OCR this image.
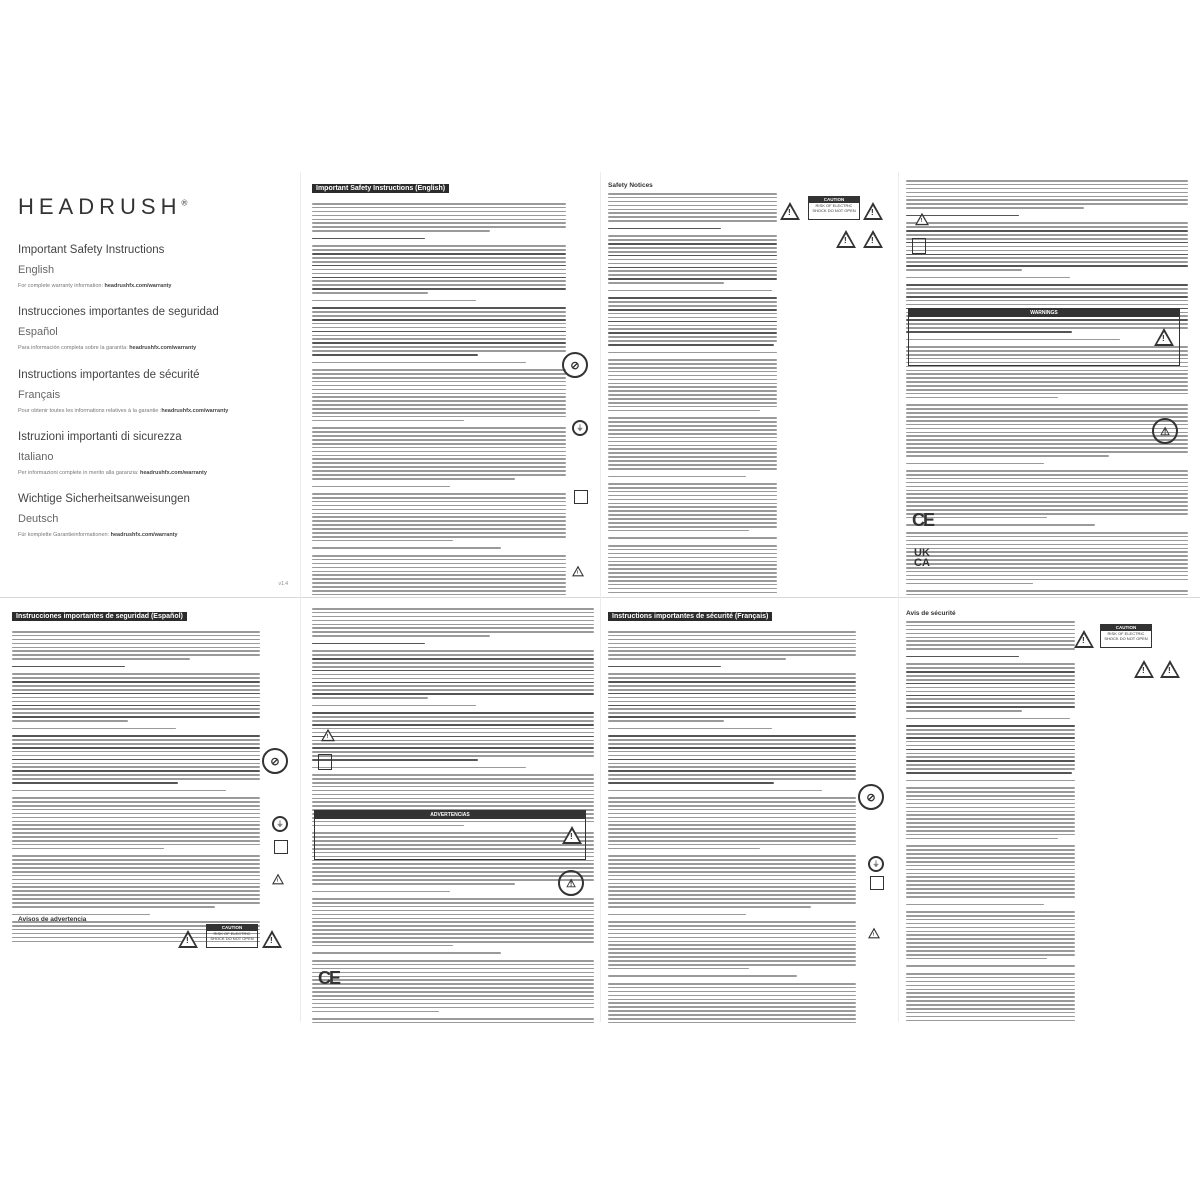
HEADRUSH®
Important Safety Instructions
English
For complete warranty information: headrushfx.com/warranty
Instrucciones importantes de seguridad
Español
Para información completa sobre la garantía: headrushfx.com/warranty
Instructions importantes de sécurité
Français
Pour obtenir toutes les informations relatives à la garantie :headrushfx.com/warranty
Istruzioni importanti di sicurezza
Italiano
Per informazioni complete in merito alla garanzia: headrushfx.com/warranty
Wichtige Sicherheitsanweisungen
Deutsch
Für komplette Garantieinformationen: headrushfx.com/warranty
v1.4
Important Safety Instructions (English)
⊘
⏚
!
Safety Notices
!
CAUTION
RISK OF ELECTRIC SHOCK DO NOT OPEN	!
!	!
!
WARNINGS
!
⚠
CE
UK CA
Instrucciones importantes de seguridad (Español)
⊘
⏚
!
Avisos de advertencia
!
CAUTION
RISK OF ELECTRIC SHOCK DO NOT OPEN	!
!
ADVERTENCIAS
!
⚠
CE
Instructions importantes de sécurité (Français)
⊘
⏚
!
Avis de sécurité
!
CAUTION
RISK OF ELECTRIC SHOCK DO NOT OPEN
!	!
